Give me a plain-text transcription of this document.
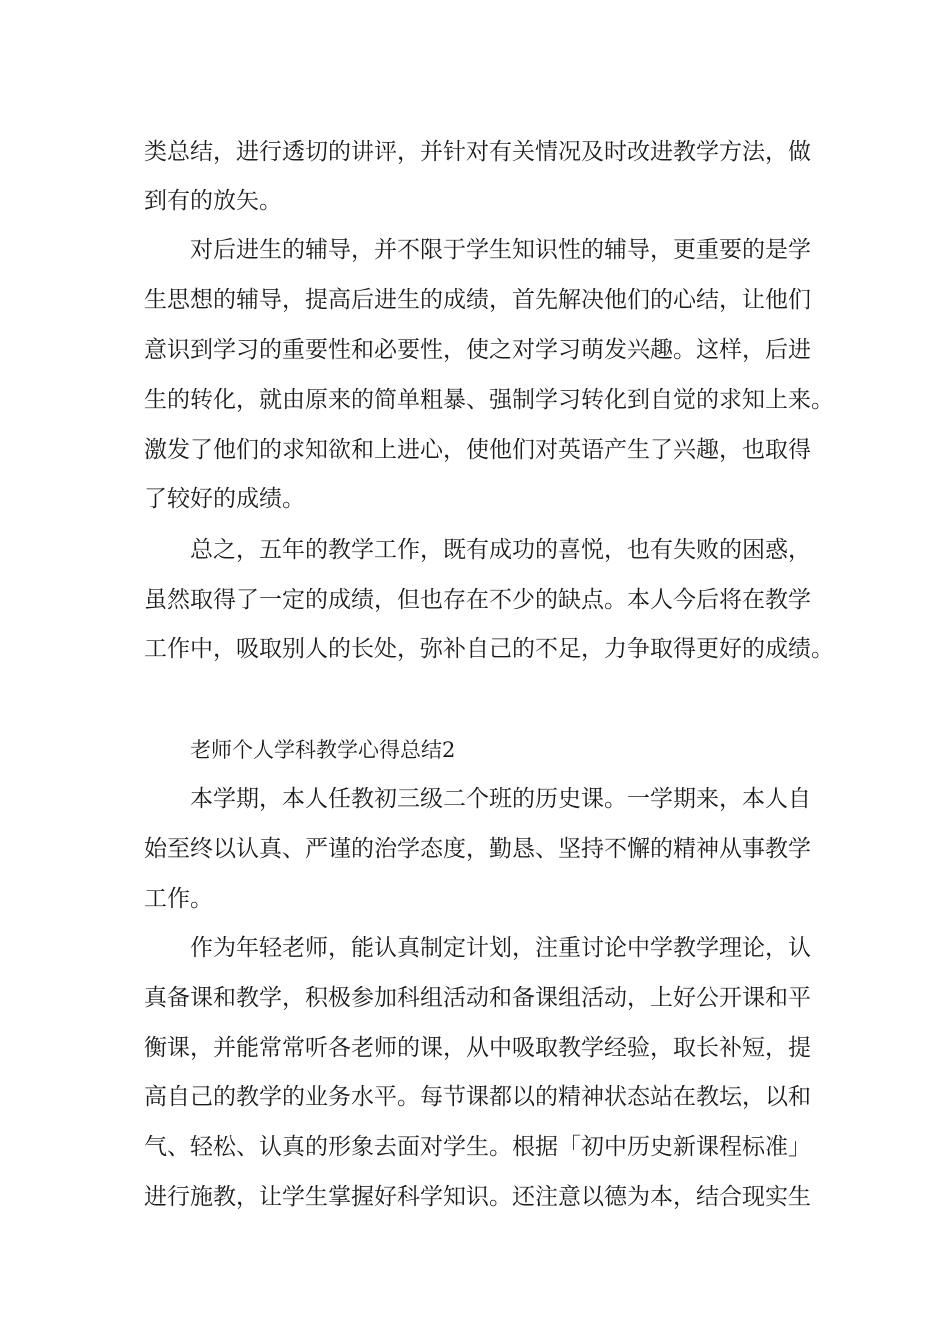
类总结，进行透切的讲评，并针对有关情况及时改进教学方法，做
到有的放矢。
对后进生的辅导，并不限于学生知识性的辅导，更重要的是学
生思想的辅导，提高后进生的成绩，首先解决他们的心结，让他们
意识到学习的重要性和必要性，使之对学习萌发兴趣。这样，后进
生的转化，就由原来的简单粗暴、强制学习转化到自觉的求知上来。
激发了他们的求知欲和上进心，使他们对英语产生了兴趣，也取得
了较好的成绩。
总之，五年的教学工作，既有成功的喜悦，也有失败的困惑，
虽然取得了一定的成绩，但也存在不少的缺点。本人今后将在教学
工作中，吸取别人的长处，弥补自己的不足，力争取得更好的成绩。
老师个人学科教学心得总结2
本学期，本人任教初三级二个班的历史课。一学期来，本人自
始至终以认真、严谨的治学态度，勤恳、坚持不懈的精神从事教学
工作。
作为年轻老师，能认真制定计划，注重讨论中学教学理论，认
真备课和教学，积极参加科组活动和备课组活动，上好公开课和平
衡课，并能常常听各老师的课，从中吸取教学经验，取长补短，提
高自己的教学的业务水平。每节课都以的精神状态站在教坛，以和
气、轻松、认真的形象去面对学生。根据「初中历史新课程标准」
进行施教，让学生掌握好科学知识。还注意以德为本，结合现实生
